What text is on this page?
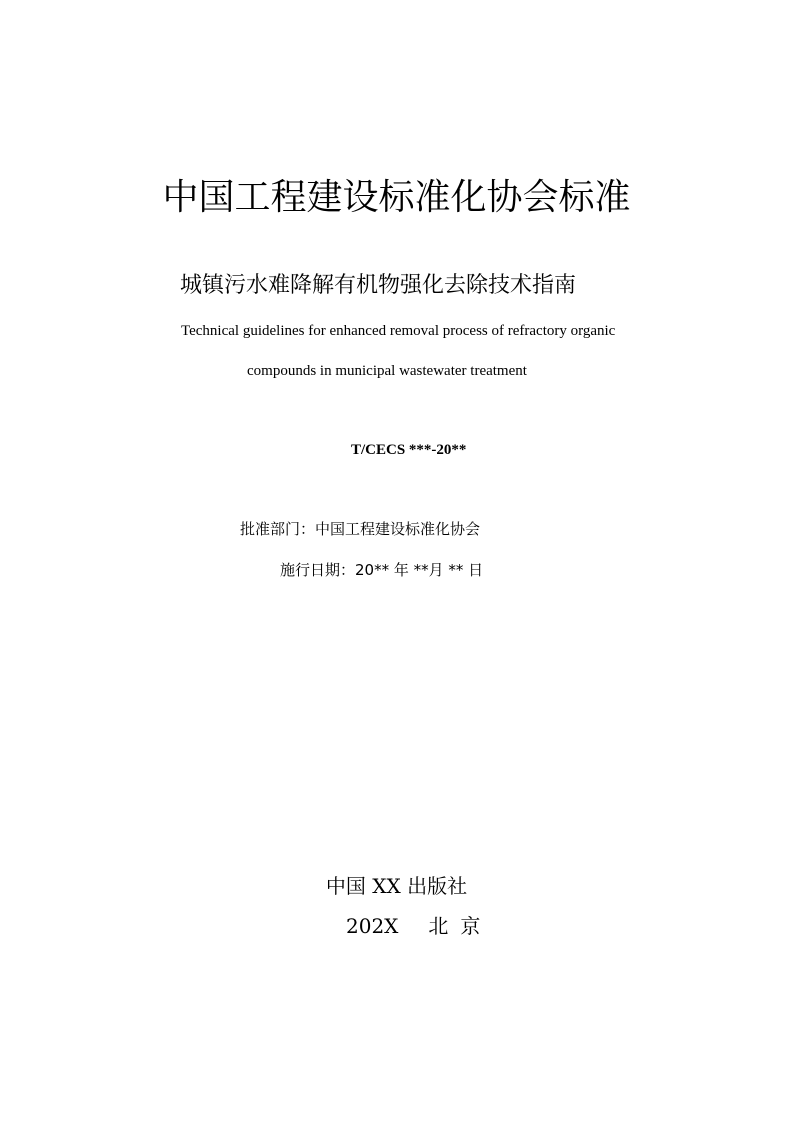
中国工程建设标准化协会标准
城镇污水难降解有机物强化去除技术指南
Technical guidelines for enhanced removal process of refractory organic
compounds in municipal wastewater treatment
T/CECS ***-20**
批准部门：中国工程建设标准化协会
施行日期：20** 年 **月 ** 日
中国 XX 出版社
202X 北京
